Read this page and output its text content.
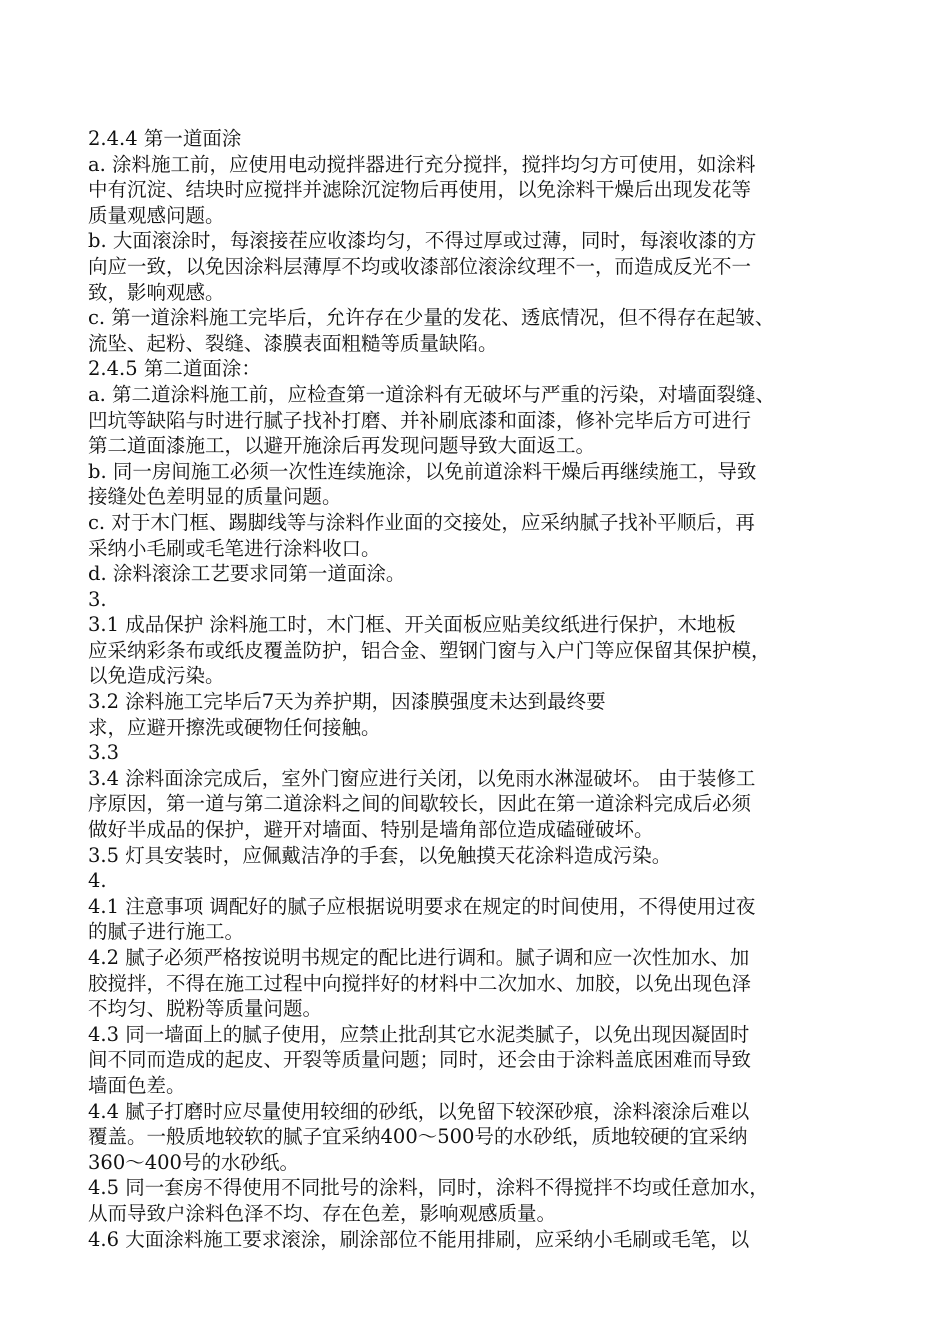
2.4.4 第一道面涂
a. 涂料施工前，应使用电动搅拌器进行充分搅拌，搅拌均匀方可使用，如涂料
中有沉淀、结块时应搅拌并滤除沉淀物后再使用，以免涂料干燥后出现发花等
质量观感问题。
b. 大面滚涂时，每滚接茬应收漆均匀，不得过厚或过薄，同时，每滚收漆的方
向应一致，以免因涂料层薄厚不均或收漆部位滚涂纹理不一，而造成反光不一
致，影响观感。
c. 第一道涂料施工完毕后，允许存在少量的发花、透底情况，但不得存在起皱、
流坠、起粉、裂缝、漆膜表面粗糙等质量缺陷。
2.4.5 第二道面涂：
a. 第二道涂料施工前，应检查第一道涂料有无破坏与严重的污染，对墙面裂缝、
凹坑等缺陷与时进行腻子找补打磨、并补刷底漆和面漆，修补完毕后方可进行
第二道面漆施工，以避开施涂后再发现问题导致大面返工。
b. 同一房间施工必须一次性连续施涂，以免前道涂料干燥后再继续施工，导致
接缝处色差明显的质量问题。
c. 对于木门框、踢脚线等与涂料作业面的交接处，应采纳腻子找补平顺后，再
采纳小毛刷或毛笔进行涂料收口。
d. 涂料滚涂工艺要求同第一道面涂。
3.
3.1 成品保护 涂料施工时，木门框、开关面板应贴美纹纸进行保护，木地板
应采纳彩条布或纸皮覆盖防护，铝合金、塑钢门窗与入户门等应保留其保护模，
以免造成污染。
3.2 涂料施工完毕后7天为养护期，因漆膜强度未达到最终要
求，应避开擦洗或硬物任何接触。
3.3
3.4 涂料面涂完成后，室外门窗应进行关闭，以免雨水淋湿破坏。 由于装修工
序原因，第一道与第二道涂料之间的间歇较长，因此在第一道涂料完成后必须
做好半成品的保护，避开对墙面、特别是墙角部位造成磕碰破坏。
3.5 灯具安装时，应佩戴洁净的手套，以免触摸天花涂料造成污染。
4.
4.1 注意事项 调配好的腻子应根据说明要求在规定的时间使用，不得使用过夜
的腻子进行施工。
4.2 腻子必须严格按说明书规定的配比进行调和。腻子调和应一次性加水、加
胶搅拌，不得在施工过程中向搅拌好的材料中二次加水、加胶，以免出现色泽
不均匀、脱粉等质量问题。
4.3 同一墙面上的腻子使用，应禁止批刮其它水泥类腻子，以免出现因凝固时
间不同而造成的起皮、开裂等质量问题；同时，还会由于涂料盖底困难而导致
墙面色差。
4.4 腻子打磨时应尽量使用较细的砂纸，以免留下较深砂痕，涂料滚涂后难以
覆盖。一般质地较软的腻子宜采纳400～500号的水砂纸，质地较硬的宜采纳
360～400号的水砂纸。
4.5 同一套房不得使用不同批号的涂料，同时，涂料不得搅拌不均或任意加水，
从而导致户涂料色泽不均、存在色差，影响观感质量。
4.6 大面涂料施工要求滚涂，刷涂部位不能用排刷，应采纳小毛刷或毛笔，以
